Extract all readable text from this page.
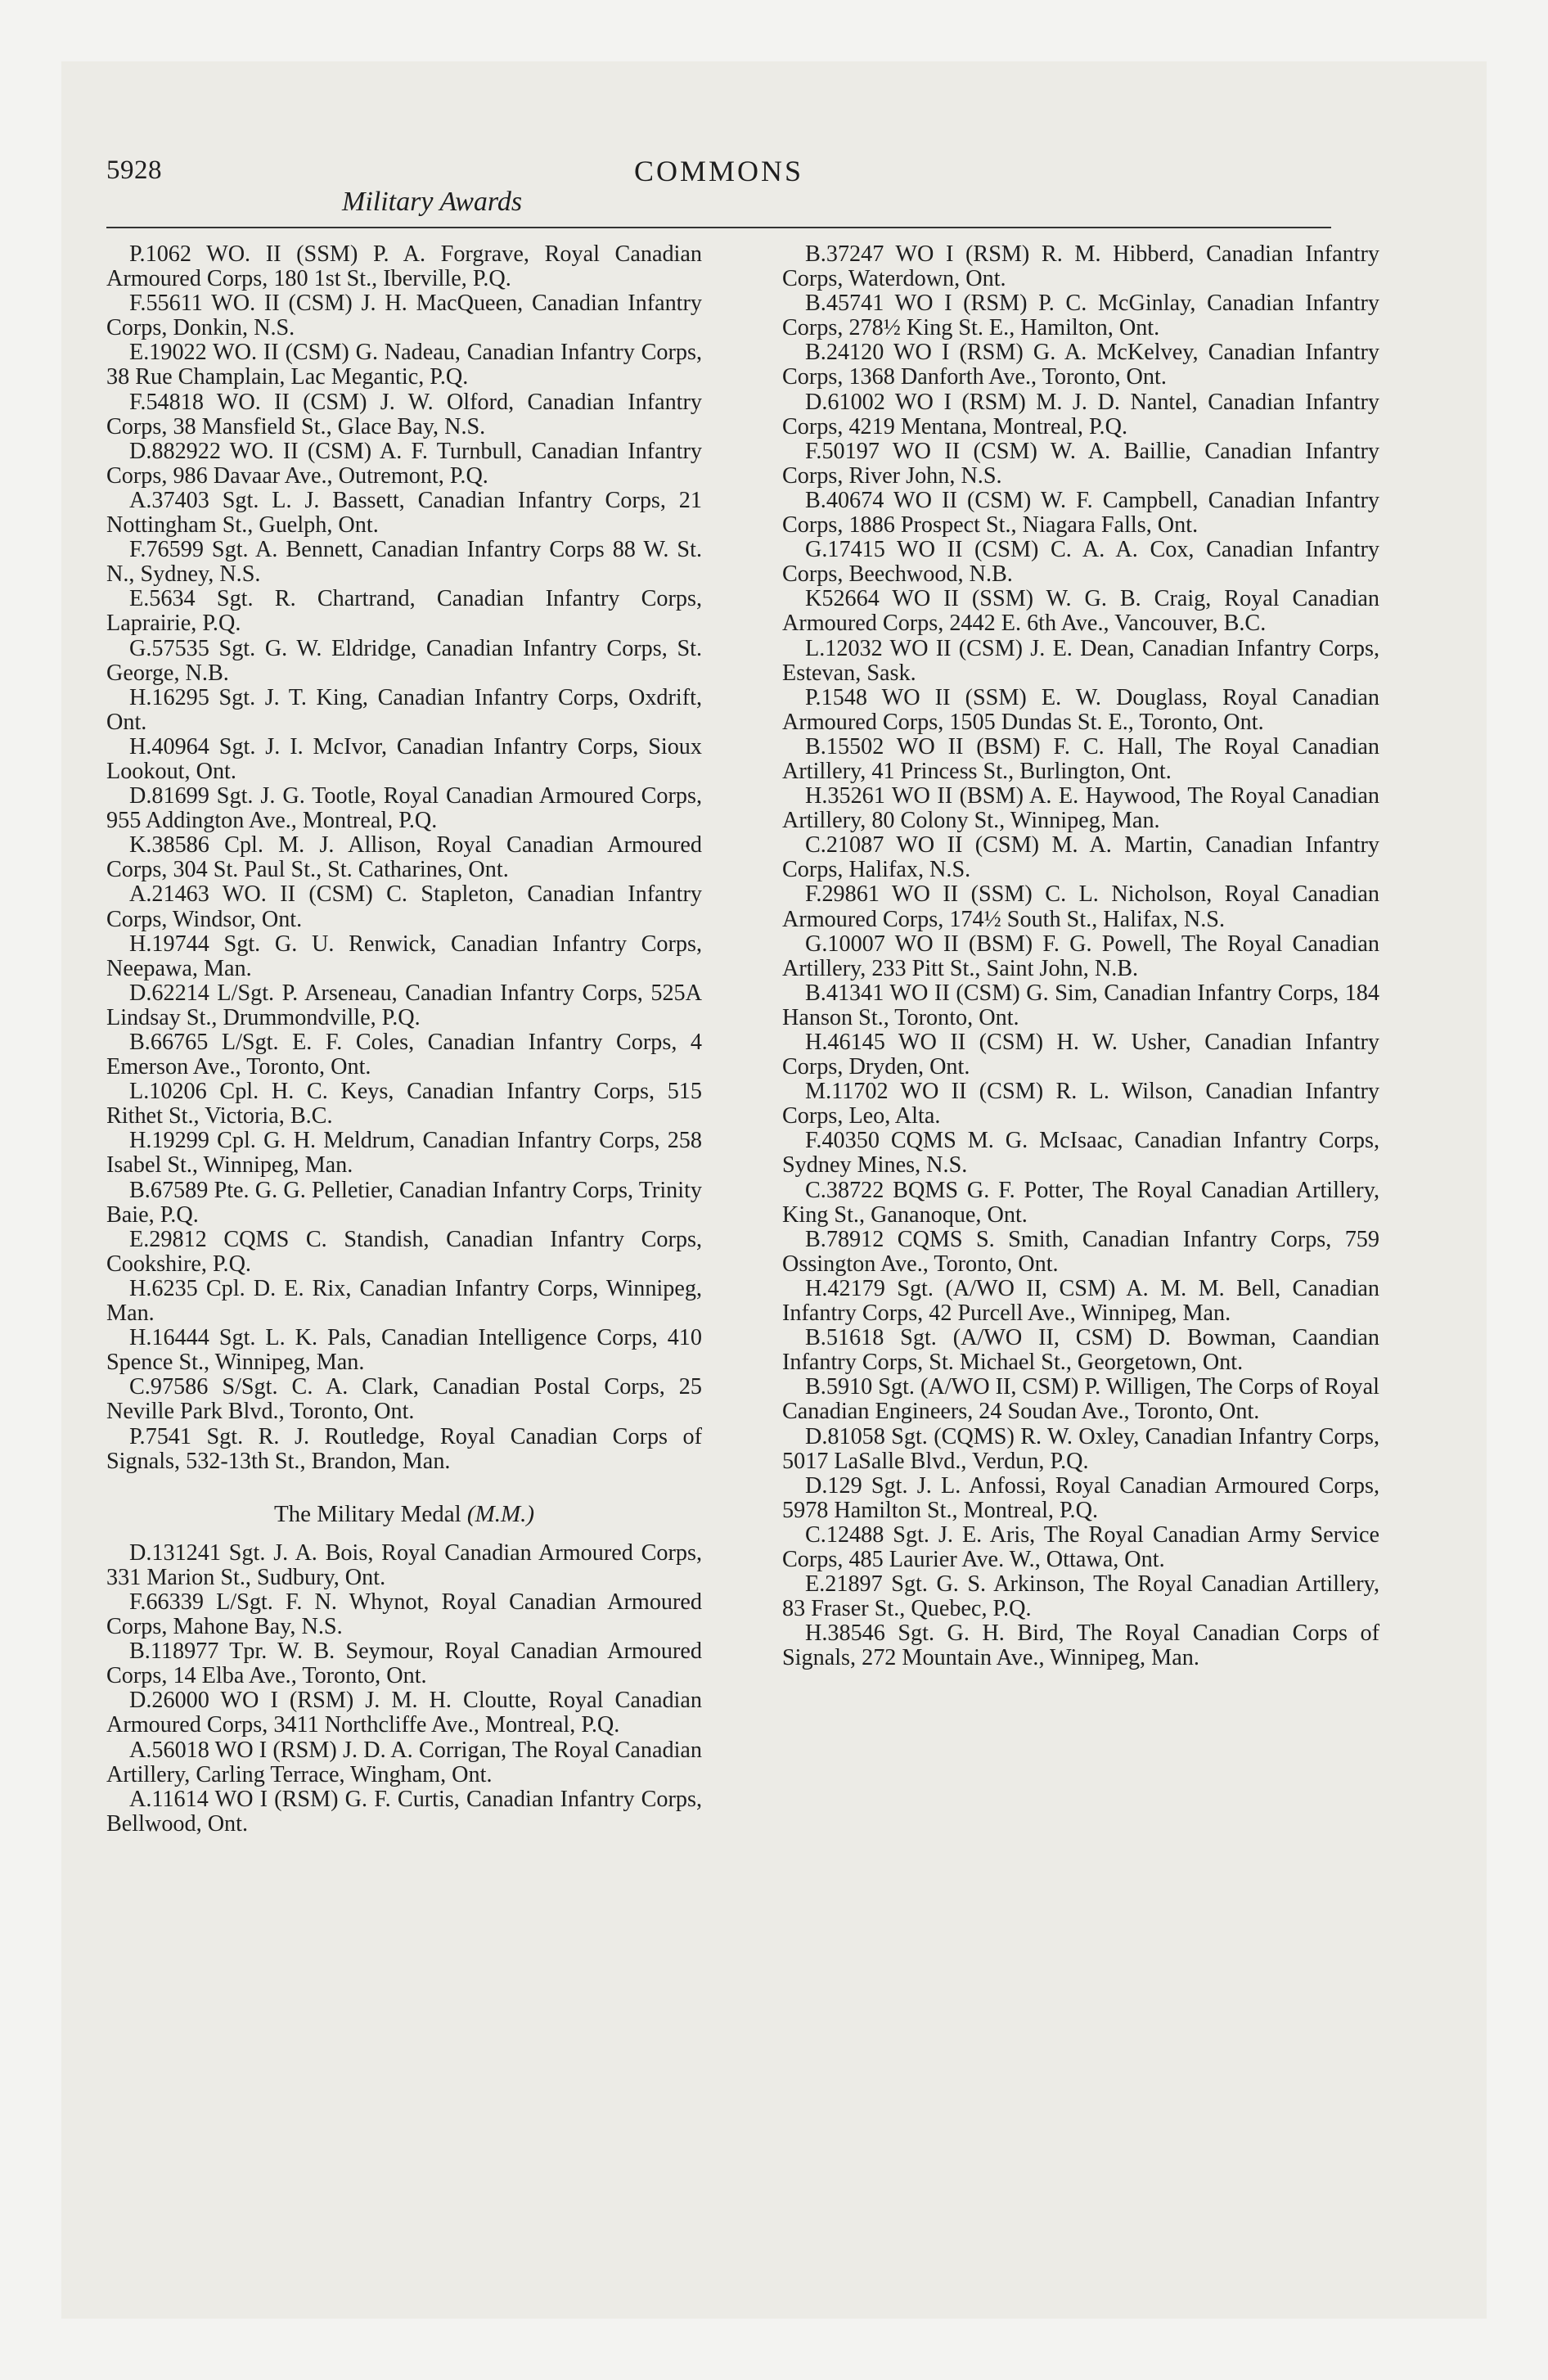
5928	COMMONS
Military Awards

P.1062 WO. II (SSM) P. A. Forgrave, Royal Canadian Armoured Corps, 180 1st St., Iberville, P.Q.

F.55611 WO. II (CSM) J. H. MacQueen, Canadian Infantry Corps, Donkin, N.S.

E.19022 WO. II (CSM) G. Nadeau, Canadian Infantry Corps, 38 Rue Champlain, Lac Megantic, P.Q.

F.54818 WO. II (CSM) J. W. Olford, Canadian Infantry Corps, 38 Mansfield St., Glace Bay, N.S.

D.882922 WO. II (CSM) A. F. Turnbull, Canadian Infantry Corps, 986 Davaar Ave., Outremont, P.Q.

A.37403 Sgt. L. J. Bassett, Canadian Infantry Corps, 21 Nottingham St., Guelph, Ont.

F.76599 Sgt. A. Bennett, Canadian Infantry Corps 88 W. St. N., Sydney, N.S.

E.5634 Sgt. R. Chartrand, Canadian Infantry Corps, Laprairie, P.Q.

G.57535 Sgt. G. W. Eldridge, Canadian Infantry Corps, St. George, N.B.

H.16295 Sgt. J. T. King, Canadian Infantry Corps, Oxdrift, Ont.

H.40964 Sgt. J. I. McIvor, Canadian Infantry Corps, Sioux Lookout, Ont.

D.81699 Sgt. J. G. Tootle, Royal Canadian Armoured Corps, 955 Addington Ave., Montreal, P.Q.

K.38586 Cpl. M. J. Allison, Royal Canadian Armoured Corps, 304 St. Paul St., St. Catharines, Ont.

A.21463 WO. II (CSM) C. Stapleton, Canadian Infantry Corps, Windsor, Ont.

H.19744 Sgt. G. U. Renwick, Canadian Infantry Corps, Neepawa, Man.

D.62214 L/Sgt. P. Arseneau, Canadian Infantry Corps, 525A Lindsay St., Drummondville, P.Q.

B.66765 L/Sgt. E. F. Coles, Canadian Infantry Corps, 4 Emerson Ave., Toronto, Ont.

L.10206 Cpl. H. C. Keys, Canadian Infantry Corps, 515 Rithet St., Victoria, B.C.

H.19299 Cpl. G. H. Meldrum, Canadian Infantry Corps, 258 Isabel St., Winnipeg, Man.

B.67589 Pte. G. G. Pelletier, Canadian Infantry Corps, Trinity Baie, P.Q.

E.29812 CQMS C. Standish, Canadian Infantry Corps, Cookshire, P.Q.

H.6235 Cpl. D. E. Rix, Canadian Infantry Corps, Winnipeg, Man.

H.16444 Sgt. L. K. Pals, Canadian Intelligence Corps, 410 Spence St., Winnipeg, Man.

C.97586 S/Sgt. C. A. Clark, Canadian Postal Corps, 25 Neville Park Blvd., Toronto, Ont.

P.7541 Sgt. R. J. Routledge, Royal Canadian Corps of Signals, 532-13th St., Brandon, Man.

The Military Medal (M.M.)

D.131241 Sgt. J. A. Bois, Royal Canadian Armoured Corps, 331 Marion St., Sudbury, Ont.

F.66339 L/Sgt. F. N. Whynot, Royal Canadian Armoured Corps, Mahone Bay, N.S.

B.118977 Tpr. W. B. Seymour, Royal Canadian Armoured Corps, 14 Elba Ave., Toronto, Ont.

D.26000 WO I (RSM) J. M. H. Cloutte, Royal Canadian Armoured Corps, 3411 Northcliffe Ave., Montreal, P.Q.

A.56018 WO I (RSM) J. D. A. Corrigan, The Royal Canadian Artillery, Carling Terrace, Wingham, Ont.

A.11614 WO I (RSM) G. F. Curtis, Canadian Infantry Corps, Bellwood, Ont.

B.37247 WO I (RSM) R. M. Hibberd, Canadian Infantry Corps, Waterdown, Ont.

B.45741 WO I (RSM) P. C. McGinlay, Canadian Infantry Corps, 278½ King St. E., Hamilton, Ont.

B.24120 WO I (RSM) G. A. McKelvey, Canadian Infantry Corps, 1368 Danforth Ave., Toronto, Ont.

D.61002 WO I (RSM) M. J. D. Nantel, Canadian Infantry Corps, 4219 Mentana, Montreal, P.Q.

F.50197 WO II (CSM) W. A. Baillie, Canadian Infantry Corps, River John, N.S.

B.40674 WO II (CSM) W. F. Campbell, Canadian Infantry Corps, 1886 Prospect St., Niagara Falls, Ont.

G.17415 WO II (CSM) C. A. A. Cox, Canadian Infantry Corps, Beechwood, N.B.

K52664 WO II (SSM) W. G. B. Craig, Royal Canadian Armoured Corps, 2442 E. 6th Ave., Vancouver, B.C.

L.12032 WO II (CSM) J. E. Dean, Canadian Infantry Corps, Estevan, Sask.

P.1548 WO II (SSM) E. W. Douglass, Royal Canadian Armoured Corps, 1505 Dundas St. E., Toronto, Ont.

B.15502 WO II (BSM) F. C. Hall, The Royal Canadian Artillery, 41 Princess St., Burlington, Ont.

H.35261 WO II (BSM) A. E. Haywood, The Royal Canadian Artillery, 80 Colony St., Winnipeg, Man.

C.21087 WO II (CSM) M. A. Martin, Canadian Infantry Corps, Halifax, N.S.

F.29861 WO II (SSM) C. L. Nicholson, Royal Canadian Armoured Corps, 174½ South St., Halifax, N.S.

G.10007 WO II (BSM) F. G. Powell, The Royal Canadian Artillery, 233 Pitt St., Saint John, N.B.

B.41341 WO II (CSM) G. Sim, Canadian Infantry Corps, 184 Hanson St., Toronto, Ont.

H.46145 WO II (CSM) H. W. Usher, Canadian Infantry Corps, Dryden, Ont.

M.11702 WO II (CSM) R. L. Wilson, Canadian Infantry Corps, Leo, Alta.

F.40350 CQMS M. G. McIsaac, Canadian Infantry Corps, Sydney Mines, N.S.

C.38722 BQMS G. F. Potter, The Royal Canadian Artillery, King St., Gananoque, Ont.

B.78912 CQMS S. Smith, Canadian Infantry Corps, 759 Ossington Ave., Toronto, Ont.

H.42179 Sgt. (A/WO II, CSM) A. M. M. Bell, Canadian Infantry Corps, 42 Purcell Ave., Winnipeg, Man.

B.51618 Sgt. (A/WO II, CSM) D. Bowman, Caandian Infantry Corps, St. Michael St., Georgetown, Ont.

B.5910 Sgt. (A/WO II, CSM) P. Willigen, The Corps of Royal Canadian Engineers, 24 Soudan Ave., Toronto, Ont.

D.81058 Sgt. (CQMS) R. W. Oxley, Canadian Infantry Corps, 5017 LaSalle Blvd., Verdun, P.Q.

D.129 Sgt. J. L. Anfossi, Royal Canadian Armoured Corps, 5978 Hamilton St., Montreal, P.Q.

C.12488 Sgt. J. E. Aris, The Royal Canadian Army Service Corps, 485 Laurier Ave. W., Ottawa, Ont.

E.21897 Sgt. G. S. Arkinson, The Royal Canadian Artillery, 83 Fraser St., Quebec, P.Q.

H.38546 Sgt. G. H. Bird, The Royal Canadian Corps of Signals, 272 Mountain Ave., Winnipeg, Man.
